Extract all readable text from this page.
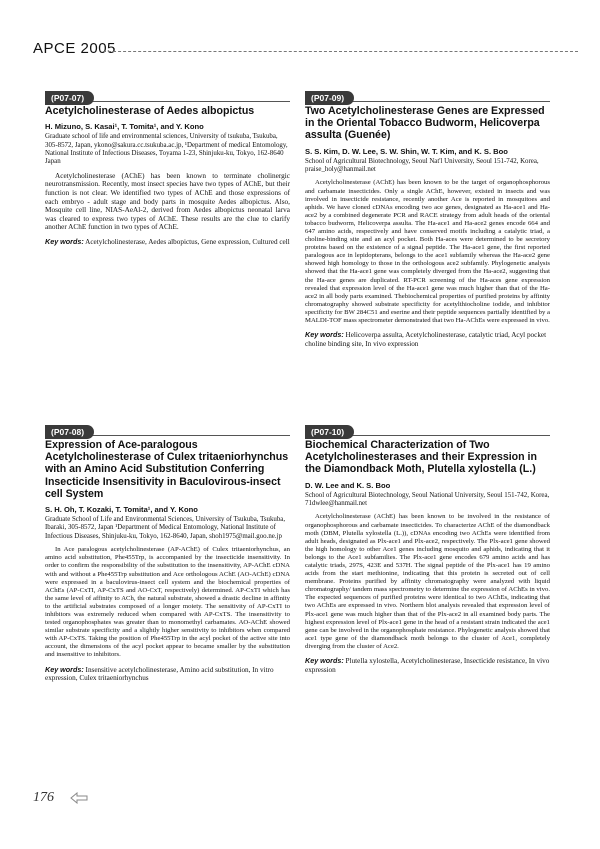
APCE 2005
(P07-07)

Acetylcholinesterase of Aedes albopictus

H. Mizuno, S. Kasai¹, T. Tomita¹, and Y. Kono

Graduate school of life and environmental sciences, University of tsukuba, Tsukuba, 305-8572, Japan, ykono@sakura.cc.tsukuba.ac.jp, ¹Department of medical Entomology, National Institute of Infectious Diseases, Toyama 1-23, Shinjuku-ku, Tokyo, 162-8640 Japan

Acetylcholinesterase (AChE) has been known to terminate cholinergic neurotransmission. Recently, most insect species have two types of AChE, but their function is not clear. We identified two types of AChE and those expressions of each embryo - adult stage and body parts in mosquite Aedes albopictus. Also, Mosquite cell line, NIAS-AeAl-2, derived from Aedes albopictus neonatal larva was cleared to express two types of AChE. These results are the clue to clarify another AChE function in two types of AChE.

Key words: Acetylcholinesterase, Aedes albopictus, Gene expression, Cultured cell

(P07-08)

Expression of Ace-paralogous Acetylcholinesterase of Culex tritaeniorhynchus with an Amino Acid Substitution Conferring Insecticide Insensitivity in Baculovirous-insect cell System

S. H. Oh, T. Kozaki, T. Tomita¹, and Y. Kono

Graduate School of Life and Environmental Sciences, University of Tsukuba, Tsukuba, Ibaraki, 305-8572, Japan ¹Department of Medical Entomology, National Institute of Infectious Diseases, Shinjuku-ku, Tokyo, 162-8640, Japan, shoh1975@mail.goo.ne.jp

In Ace paralogous acetylcholinesterase (AP-AChE) of Culex tritaeniorhynchus, an amino acid substitution, Phe455Trp, is accompanied by the insecticide insensitivity. In order to confirm the responsibility of the substitution to the insensitivity, AP-AChE cDNA with and without a Phe455Trp substitution and Ace orthologous AChE (AO-AChE) cDNA were expressed in a baculovirus-insect cell system and the biochemical properties of AChEs (AP-CxTI, AP-CxTS and AO-CxT, respectively) determined. AP-CxTI which has the same level of affinity to ACh, the natural substrate, showed a drastic decline in affinity to the artificial substrates composed of a longer moiety. The sensitivity of AP-CxTI to inhibitors was extremely reduced when compared with AP-CxTS. The insensitivity to tested organophosphates was greater than to monomethyl carbamates. AO-AChE showed similar substrate specificity and a slightly higher sensitivity to inhibitors when compared with AP-CxTS. Taking the position of Phe455Trp in the acyl pocket of the active site into account, the dimensions of the acyl pocket appear to became smaller by the substitution and insensitive to inhibitors.

Key words: Insensitive acetylcholinesterase, Amino acid substitution, In vitro expression, Culex tritaeniorhynchus

(P07-09)

Two Acetylcholinesterase Genes are Expressed in the Oriental Tobacco Budworm, Helicoverpa assulta (Guenée)

S. S. Kim, D. W. Lee, S. W. Shin, W. T. Kim, and K. S. Boo

School of Agricultural Biotechnology, Seoul Nat'l University, Seoul 151-742, Korea, praise_holy@hanmail.net

Acetylcholinesterase (AChE) has been known to be the target of organophosphorous and carbamate insecticides. Only a single AChE, however, existed in insects and was involved in insecticide resistance, recently another Ace is reported in mosquitoes and aphids. We have cloned cDNAs encoding two ace genes, designated as Ha-ace1 and Ha-ace2 by a combined degenerate PCR and RACE strategy from adult heads of the oriental tobacco budworm, Helicoverpa assulta. The Ha-ace1 and Ha-ace2 genes encode 664 and 647 amino acids, respectively and have conserved motifs including a catalytic triad, a choline-binding site and an acyl pocket. Both Ha-aces were determined to be secretory proteins based on the existence of a signal peptide. The Ha-ace1 gene, the first reported paralogous ace in lepidopterans, belongs to the ace1 subfamily whereas the Ha-ace2 gene showed high homology to those in the orthologous ace2 subfamily. Phylogenetic analysis showed that the Ha-ace1 gene was completely diverged from the Ha-ace2, suggesting that the Ha-ace genes are duplicated. RT-PCR screening of the Ha-aces gene expression revealed that expression level of the Ha-ace1 gene was much higher than that of the Ha-ace2 in all body parts examined. Thebiochemical properties of purified proteins by affinity chromatography showed substrate specificity for acetylthiocholine iodide, and inhibitor specificity for BW 284C51 and eserine and their peptide sequences partially identified by a MALDI-TOF mass spectrometer demonstrated that two Ha-AChEs were expressed in vivo.

Key words: Helicoverpa assulta, Acetylcholinesterase, catalytic triad, Acyl pocket choline binding site, In vivo expression

(P07-10)

Biochemical Characterization of Two Acetylcholinesterases and their Expression in the Diamondback Moth, Plutella xylostella (L.)

D. W. Lee and K. S. Boo

School of Agricultural Biotechnology, Seoul National University, Seoul 151-742, Korea, 71dwlee@hanmail.net

Acetylcholinesterase (AChE) has been known to be involved in the resistance of organophosphorous and carbamate insecticides. To characterize AChE of the diamondback moth (DBM, Plutella xylostella (L.)), cDNAs encoding two AChEs were identified from adult heads, designated as Plx-ace1 and Plx-ace2, respectively. The Plx-ace1 gene showed the high homology to other Ace1 genes including mosquito and aphids, indicating that it belongs to the Ace1 subfamilies. The Plx-ace1 gene encodes 679 amino acids and has catalytic triads, 297S, 423E and 537H. The signal peptide of the Plx-ace1 has 19 amino acids from the start methionine, indicating that this protein is secreted out of cell membrane. Proteins purified by affinity chromatography were analyzed with liquid chromatography/ tandem mass spectrometry to determine the expression of AChEs in vivo. The expected sequences of purified proteins were identical to two AChEs, indicating that two AChEs are expressed in vivo. Northern blot analysis revealed that expression level of Plx-ace1 gene was much higher than that of the Plx-ace2 in all examined body parts. The highest expression level of Plx-ace1 gene in the head of a resistant strain indicated the ace1 gene can be involved in the organophosphate resistance. Phylogenetic analysis showed that ace1 type gene of the diamondback moth belongs to the cluster of Ace1, completely diverging from the cluster of Ace2.

Key words: Plutella xylostella, Acetylcholinesterase, Insecticide resistance, In vivo expression

176
